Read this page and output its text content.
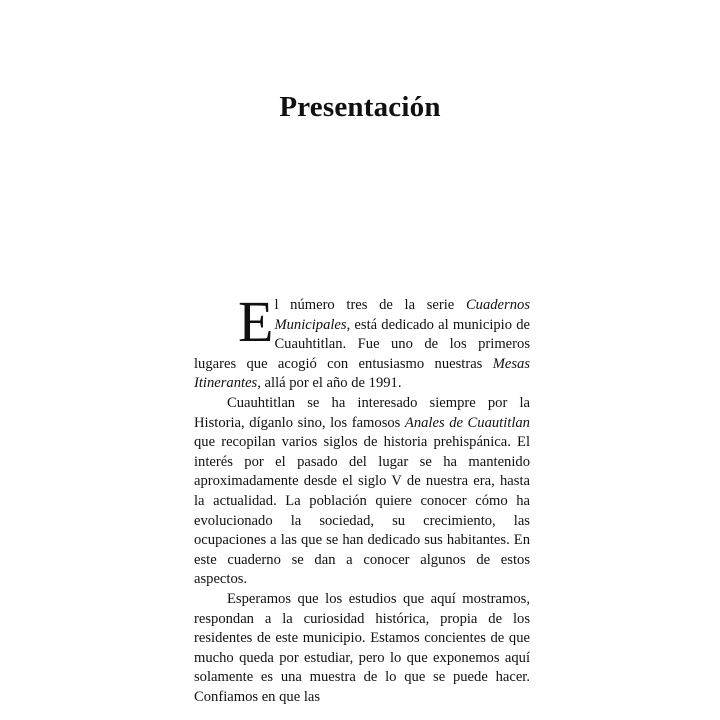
Presentación

El número tres de la serie Cuadernos Municipales, está dedicado al municipio de Cuauhtitlan. Fue uno de los primeros lugares que acogió con entusiasmo nuestras Mesas Itinerantes, allá por el año de 1991.

Cuauhtitlan se ha interesado siempre por la Historia, díganlo sino, los famosos Anales de Cuautitlan que recopilan varios siglos de historia prehispánica. El interés por el pasado del lugar se ha mantenido aproximadamente desde el siglo V de nuestra era, hasta la actualidad. La población quiere conocer cómo ha evolucionado la sociedad, su crecimiento, las ocupaciones a las que se han dedicado sus habitantes. En este cuaderno se dan a conocer algunos de estos aspectos.

Esperamos que los estudios que aquí mostramos, respondan a la curiosidad histórica, propia de los residentes de este municipio. Estamos concientes de que mucho queda por estudiar, pero lo que exponemos aquí solamente es una muestra de lo que se puede hacer. Confiamos en que las
